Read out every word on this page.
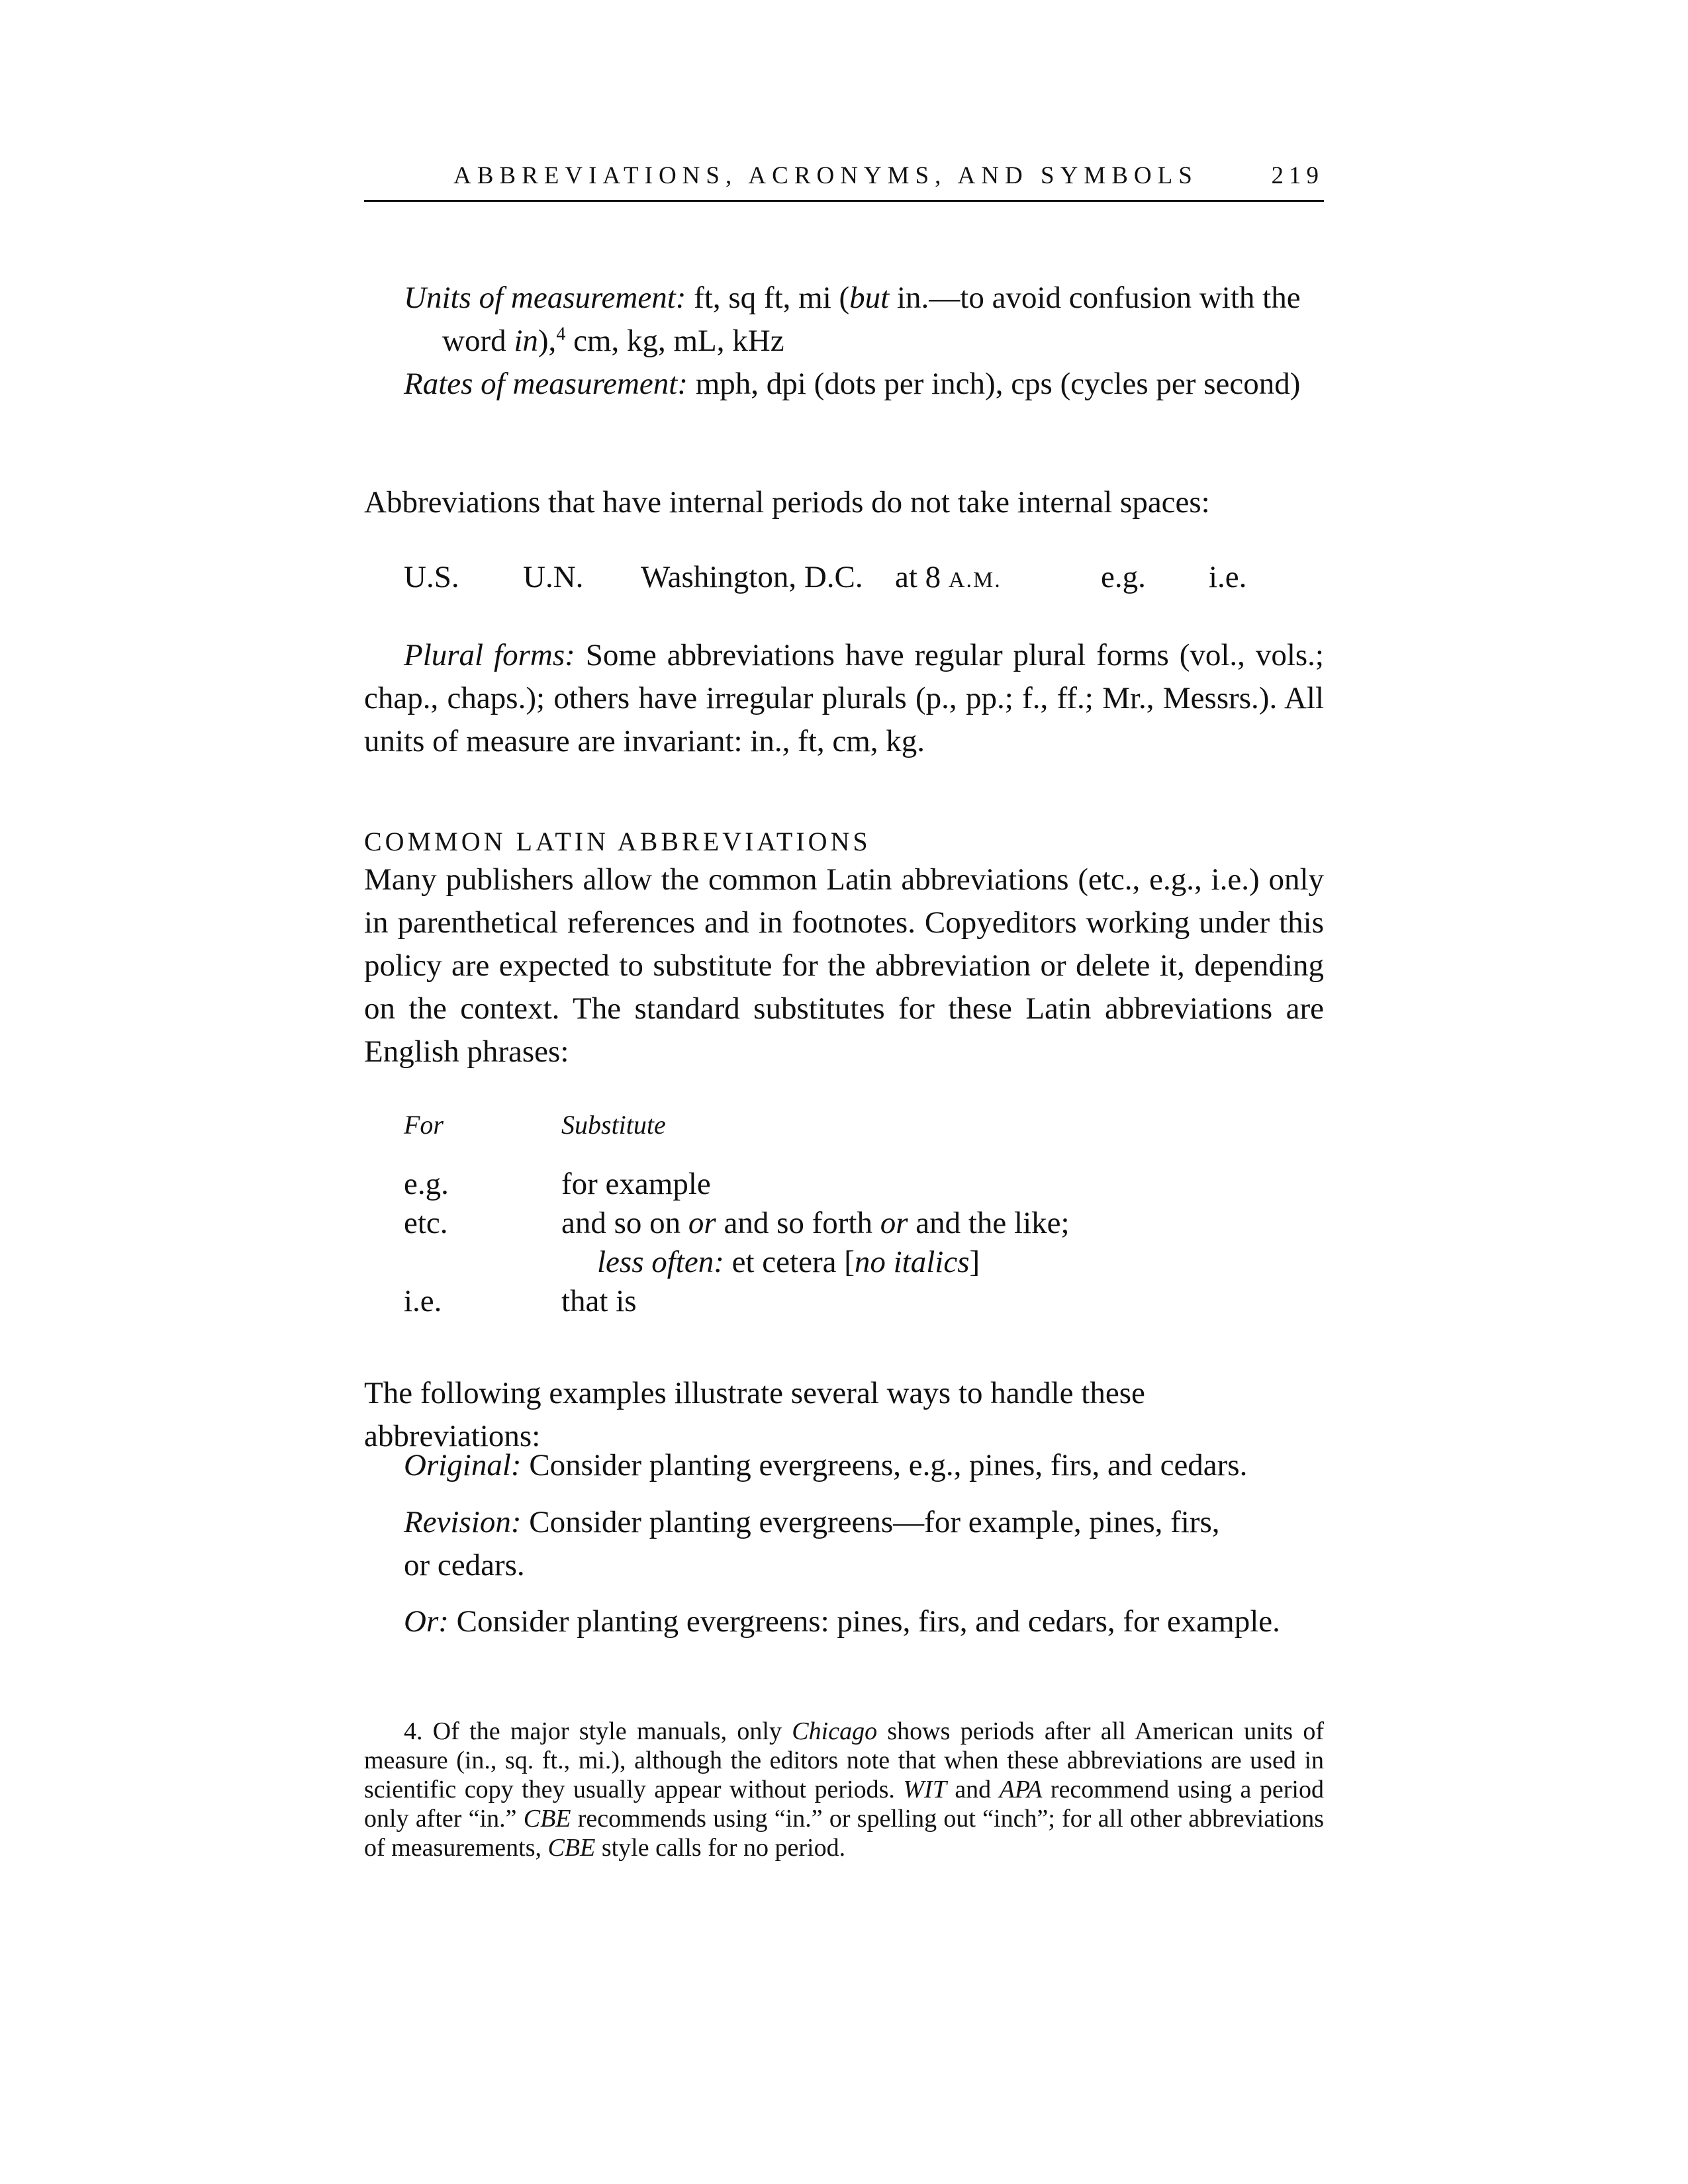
ABBREVIATIONS, ACRONYMS, AND SYMBOLS	219
Units of measurement: ft, sq ft, mi (but in.—to avoid confusion with the word in),$^4$ cm, kg, mL, kHz
Rates of measurement: mph, dpi (dots per inch), cps (cycles per second)
Abbreviations that have internal periods do not take internal spaces:
U.S. U.N. Washington, D.C. at 8 A.M.	e.g. i.e.
Plural forms: Some abbreviations have regular plural forms (vol., vols.; chap., chaps.); others have irregular plurals (p., pp.; f., ff.; Mr., Messrs.). All units of measure are invariant: in., ft, cm, kg.
COMMON LATIN ABBREVIATIONS
Many publishers allow the common Latin abbreviations (etc., e.g., i.e.) only in parenthetical references and in footnotes. Copyeditors working under this policy are expected to substitute for the abbreviation or delete it, depending on the context. The standard substitutes for these Latin abbreviations are English phrases:
For	Substitute
e.g.	for example
etc.	and so on or and so forth or and the like;
less often: et cetera [no italics]
i.e.	that is
The following examples illustrate several ways to handle these abbreviations:
Original: Consider planting evergreens, e.g., pines, firs, and cedars.
Revision: Consider planting evergreens—for example, pines, firs, or cedars.
Or: Consider planting evergreens: pines, firs, and cedars, for example.
4. Of the major style manuals, only Chicago shows periods after all American units of measure (in., sq. ft., mi.), although the editors note that when these abbreviations are used in scientific copy they usually appear without periods. WIT and APA recommend using a period only after “in.” CBE recommends using “in.” or spelling out “inch”; for all other abbreviations of measurements, CBE style calls for no period.
